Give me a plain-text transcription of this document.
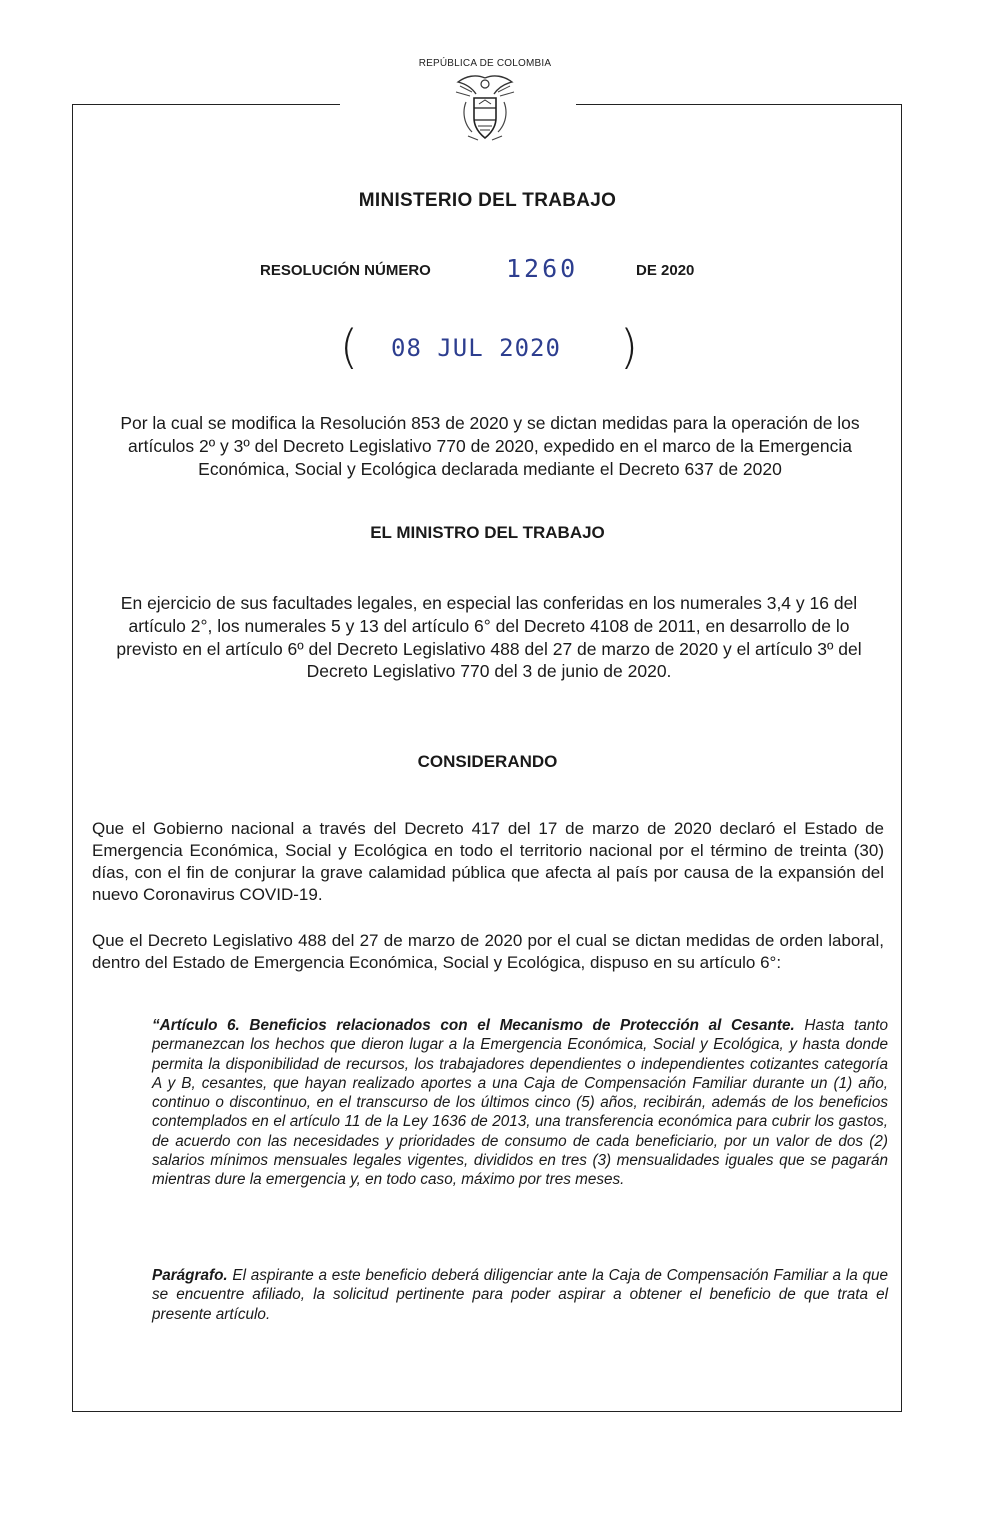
REPÚBLICA DE COLOMBIA
MINISTERIO DEL TRABAJO
RESOLUCIÓN NÚMERO	1260	DE 2020
( 08 JUL 2020 )
Por la cual se modifica la Resolución 853 de 2020 y se dictan medidas para la operación de los artículos 2º y 3º del Decreto Legislativo 770 de 2020, expedido en el marco de la Emergencia Económica, Social y Ecológica declarada mediante el Decreto 637 de 2020
EL MINISTRO DEL TRABAJO
En ejercicio de sus facultades legales, en especial las conferidas en los numerales 3,4 y 16 del artículo 2°, los numerales 5 y 13 del artículo 6° del Decreto 4108 de 2011, en desarrollo de lo previsto en el artículo 6º del Decreto Legislativo 488 del 27 de marzo de 2020 y el artículo 3º del Decreto Legislativo 770 del 3 de junio de 2020.
CONSIDERANDO
Que el Gobierno nacional a través del Decreto 417 del 17 de marzo de 2020 declaró el Estado de Emergencia Económica, Social y Ecológica en todo el territorio nacional por el término de treinta (30) días, con el fin de conjurar la grave calamidad pública que afecta al país por causa de la expansión del nuevo Coronavirus COVID-19.
Que el Decreto Legislativo 488 del 27 de marzo de 2020 por el cual se dictan medidas de orden laboral, dentro del Estado de Emergencia Económica, Social y Ecológica, dispuso en su artículo 6°:
“Artículo 6. Beneficios relacionados con el Mecanismo de Protección al Cesante. Hasta tanto permanezcan los hechos que dieron lugar a la Emergencia Económica, Social y Ecológica, y hasta donde permita la disponibilidad de recursos, los trabajadores dependientes o independientes cotizantes categoría A y B, cesantes, que hayan realizado aportes a una Caja de Compensación Familiar durante un (1) año, continuo o discontinuo, en el transcurso de los últimos cinco (5) años, recibirán, además de los beneficios contemplados en el artículo 11 de la Ley 1636 de 2013, una transferencia económica para cubrir los gastos, de acuerdo con las necesidades y prioridades de consumo de cada beneficiario, por un valor de dos (2) salarios mínimos mensuales legales vigentes, divididos en tres (3) mensualidades iguales que se pagarán mientras dure la emergencia y, en todo caso, máximo por tres meses.
Parágrafo. El aspirante a este beneficio deberá diligenciar ante la Caja de Compensación Familiar a la que se encuentre afiliado, la solicitud pertinente para poder aspirar a obtener el beneficio de que trata el presente artículo.
